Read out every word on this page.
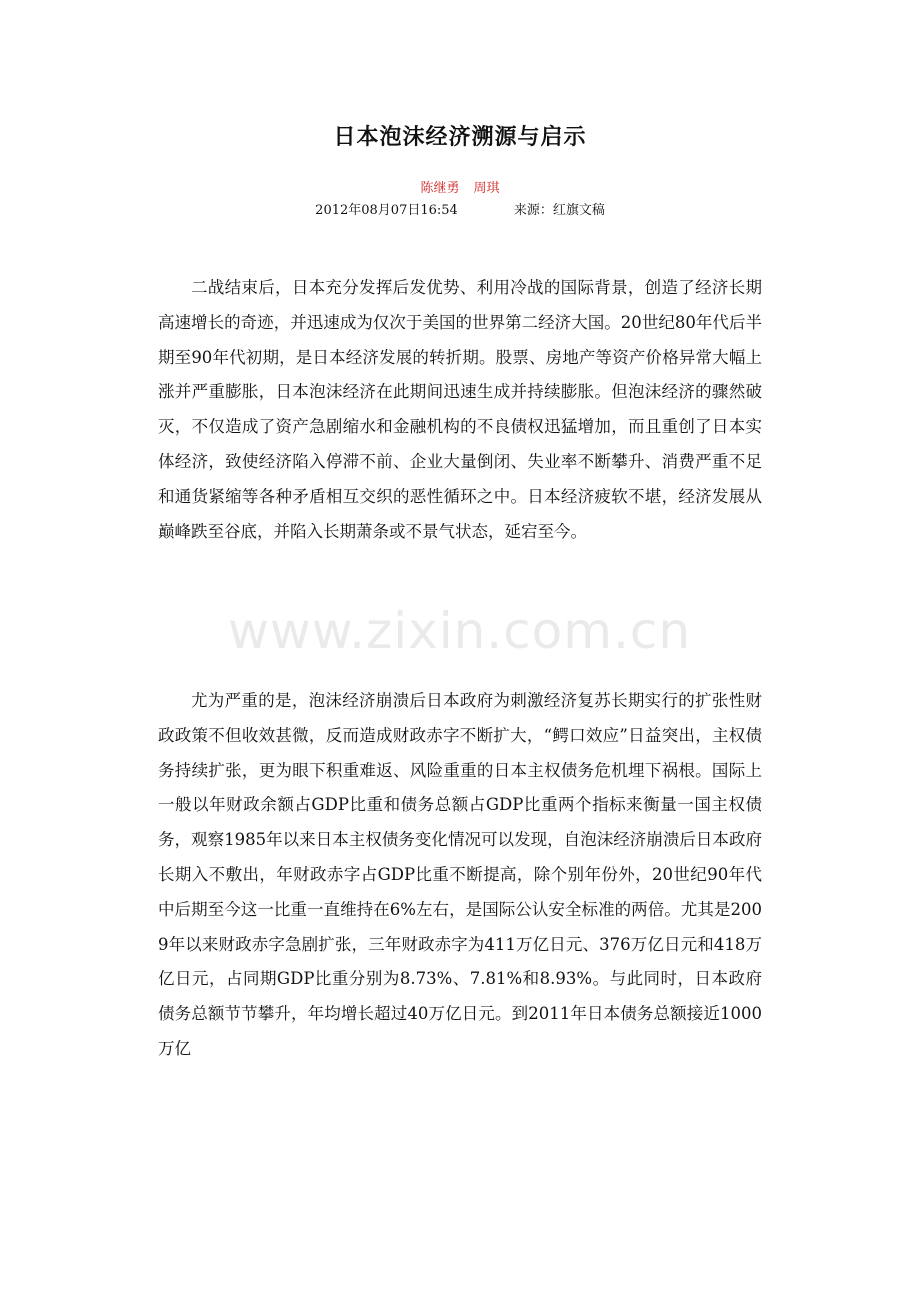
日本泡沫经济溯源与启示
陈继勇 周琪
2012年08月07日16:54	来源：红旗文稿

二战结束后，日本充分发挥后发优势、利用冷战的国际背景，创造了经济长期高速增长的奇迹，并迅速成为仅次于美国的世界第二经济大国。20世纪80年代后半期至90年代初期，是日本经济发展的转折期。股票、房地产等资产价格异常大幅上涨并严重膨胀，日本泡沫经济在此期间迅速生成并持续膨胀。但泡沫经济的骤然破灭，不仅造成了资产急剧缩水和金融机构的不良债权迅猛增加，而且重创了日本实体经济，致使经济陷入停滞不前、企业大量倒闭、失业率不断攀升、消费严重不足和通货紧缩等各种矛盾相互交织的恶性循环之中。日本经济疲软不堪，经济发展从巅峰跌至谷底，并陷入长期萧条或不景气状态，延宕至今。

尤为严重的是，泡沫经济崩溃后日本政府为刺激经济复苏长期实行的扩张性财政政策不但收效甚微，反而造成财政赤字不断扩大，“鳄口效应”日益突出，主权债务持续扩张，更为眼下积重难返、风险重重的日本主权债务危机埋下祸根。国际上一般以年财政余额占GDP比重和债务总额占GDP比重两个指标来衡量一国主权债务，观察1985年以来日本主权债务变化情况可以发现，自泡沫经济崩溃后日本政府长期入不敷出，年财政赤字占GDP比重不断提高，除个别年份外，20世纪90年代中后期至今这一比重一直维持在6%左右，是国际公认安全标准的两倍。尤其是2009年以来财政赤字急剧扩张，三年财政赤字为411万亿日元、376万亿日元和418万亿日元，占同期GDP比重分别为8.73%、7.81%和8.93%。与此同时，日本政府债务总额节节攀升，年均增长超过40万亿日元。到2011年日本债务总额接近1000万亿

www.zixin.com.cn
